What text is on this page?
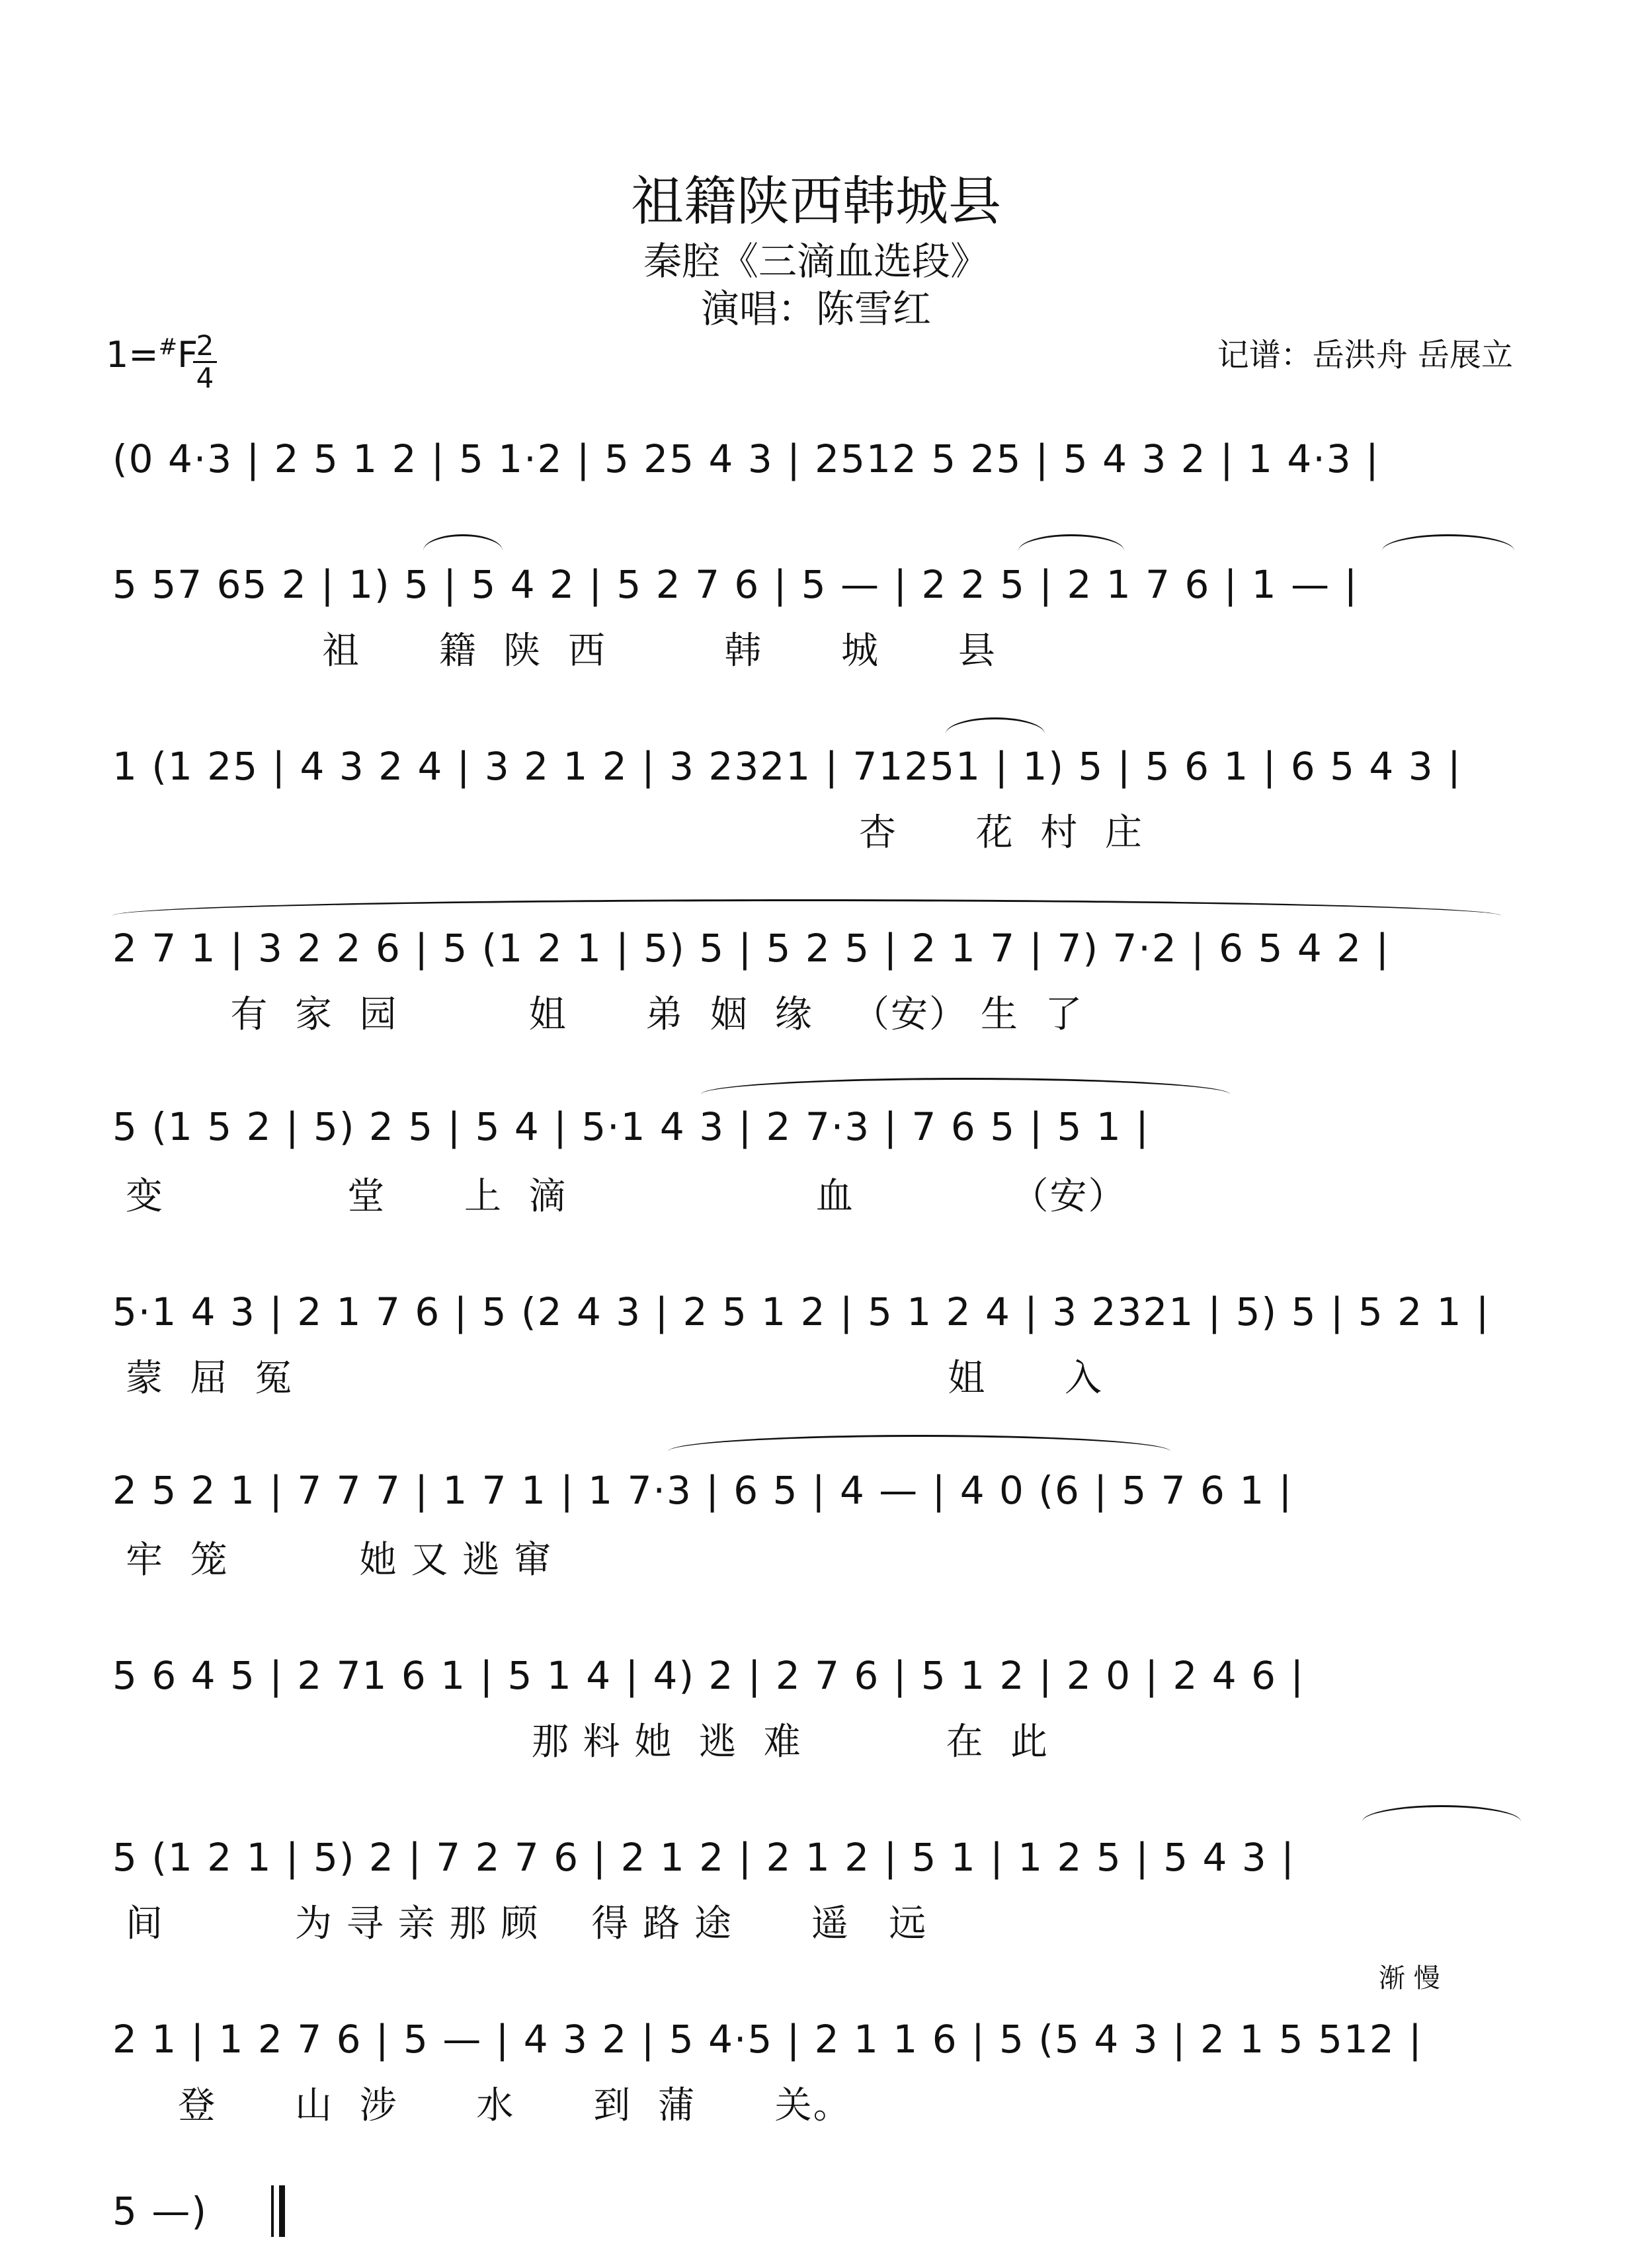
祖籍陕西韩城县
秦腔《三滴血选段》
演唱：陈雪红
1=#F
2
4
记谱：岳洪舟 岳展立
(0 4·3 | 2 5 1 2 | 5 1·2 | 5 25 4 3 | 2512 5 25 | 5 4 3 2 | 1 4·3 |
5 57 65 2 | 1) 5 | 5 4 2 | 5 2 7 6 | 5 — | 2 2 5 | 2 1 7 6 | 1 — |
祖      籍  陕  西         韩      城      县
1 (1 25 | 4 3 2 4 | 3 2 1 2 | 3 2321 | 71251 | 1) 5 | 5 6 1 | 6 5 4 3 |
杏      花  村  庄
2 7 1 | 3 2 2 6 | 5 (1 2 1 | 5) 5 | 5 2 5 | 2 1 7 | 7) 7·2 | 6 5 4 2 |
有  家  园          姐      弟  姻  缘   （安） 生  了
5 (1 5 2 | 5) 2 5 | 5 4 | 5·1 4 3 | 2 7·3 | 7 6 5 | 5 1 |
变              堂      上  滴                   血            （安）
5·1 4 3 | 2 1 7 6 | 5 (2 4 3 | 2 5 1 2 | 5 1 2 4 | 3 2321 | 5) 5 | 5 2 1 |
蒙  屈  冤                                                  姐      入
2 5 2 1 | 7 7 7 | 1 7 1 | 1 7·3 | 6 5 | 4 — | 4 0 (6 | 5 7 6 1 |
牢  笼          她 又 逃 窜
5 6 4 5 | 2 71 6 1 | 5 1 4 | 4) 2 | 2 7 6 | 5 1 2 | 2 0 | 2 4 6 |
那 料 她  逃  难           在  此
5 (1 2 1 | 5) 2 | 7 2 7 6 | 2 1 2 | 2 1 2 | 5 1 | 1 2 5 | 5 4 3 |
间          为 寻 亲 那 顾    得 路 途      遥   远
渐 慢
2 1 | 1 2 7 6 | 5 — | 4 3 2 | 5 4·5 | 2 1 1 6 | 5 (5 4 3 | 2 1 5 512 |
登      山  涉      水      到  蒲      关。
5 —)
